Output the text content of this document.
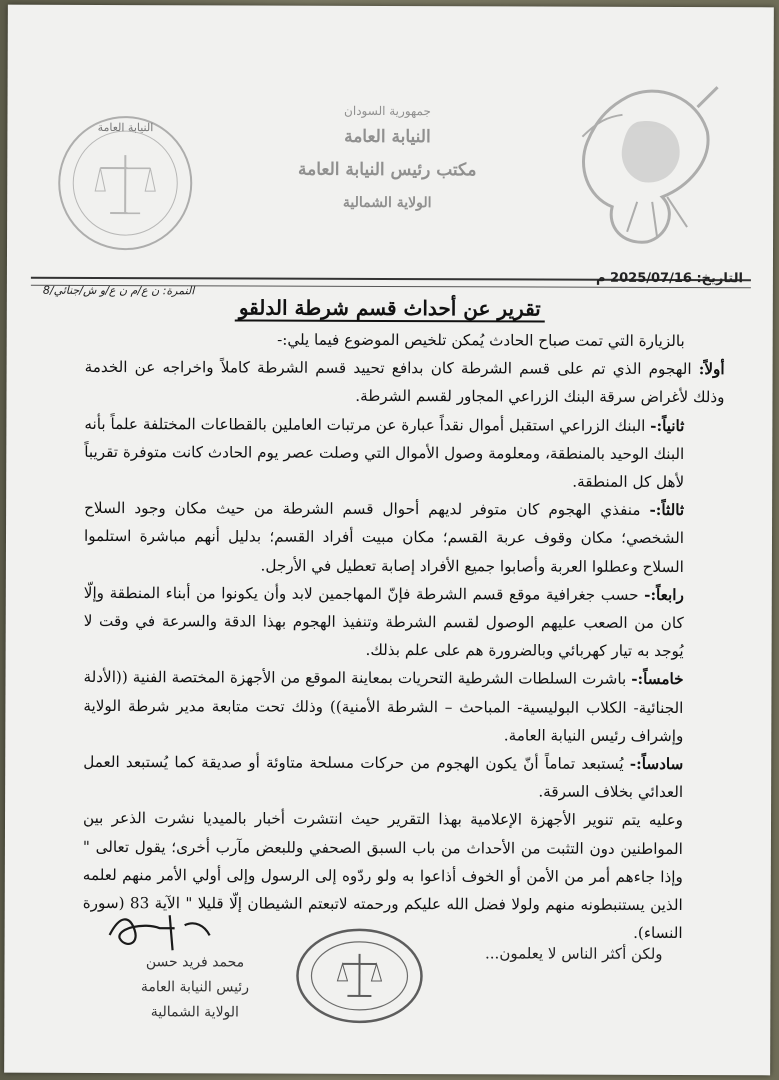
النيابة العامة
جمهورية السودان
النيابة العامة
مكتب رئيس النيابة العامة
الولاية الشمالية
التاريخ: 2025/07/16 م
النمرة: ن ع/م ن ع/و ش/جنائي/8
تقرير عن أحداث قسم شرطة الدلقو

بالزيارة التي تمت صباح الحادث يُمكن تلخيص الموضوع فيما يلي:-

أولاً: الهجوم الذي تم على قسم الشرطة كان بدافع تحييد قسم الشرطة كاملاً واخراجه عن الخدمة وذلك لأغراض سرقة البنك الزراعي المجاور لقسم الشرطة.

ثانياً:- البنك الزراعي استقبل أموال نقداً عبارة عن مرتبات العاملين بالقطاعات المختلفة علماً بأنه البنك الوحيد بالمنطقة، ومعلومة وصول الأموال التي وصلت عصر يوم الحادث كانت متوفرة تقريباً لأهل كل المنطقة.

ثالثاً:- منفذي الهجوم كان متوفر لديهم أحوال قسم الشرطة من حيث مكان وجود السلاح الشخصي؛ مكان وقوف عربة القسم؛ مكان مبيت أفراد القسم؛ بدليل أنهم مباشرة استلموا السلاح وعطلوا العربة وأصابوا جميع الأفراد إصابة تعطيل في الأرجل.

رابعاً:- حسب جغرافية موقع قسم الشرطة فإنّ المهاجمين لابد وأن يكونوا من أبناء المنطقة وإلّا كان من الصعب عليهم الوصول لقسم الشرطة وتنفيذ الهجوم بهذا الدقة والسرعة في وقت لا يُوجد به تيار كهربائي وبالضرورة هم على علم بذلك.

خامساً:- باشرت السلطات الشرطية التحريات بمعاينة الموقع من الأجهزة المختصة الفنية ((الأدلة الجنائية- الكلاب البوليسية- المباحث – الشرطة الأمنية)) وذلك تحت متابعة مدير شرطة الولاية وإشراف رئيس النيابة العامة.

سادساً:- يُستبعد تماماً أنّ يكون الهجوم من حركات مسلحة متاوئة أو صديقة كما يُستبعد العمل العدائي بخلاف السرقة.

وعليه يتم تنوير الأجهزة الإعلامية بهذا التقرير حيث انتشرت أخبار بالميديا نشرت الذعر بين المواطنين دون التثبت من الأحداث من باب السبق الصحفي وللبعض مآرب أخرى؛ يقول تعالى " وإذا جاءهم أمر من الأمن أو الخوف أذاعوا به ولو ردّوه إلى الرسول وإلى أولي الأمر منهم لعلمه الذين يستنبطونه منهم ولولا فضل الله عليكم ورحمته لاتبعتم الشيطان إلّا قليلا " الآية 83 (سورة النساء).

ولكن أكثر الناس لا يعلمون...
محمد فريد حسن
رئيس النيابة العامة
الولاية الشمالية
